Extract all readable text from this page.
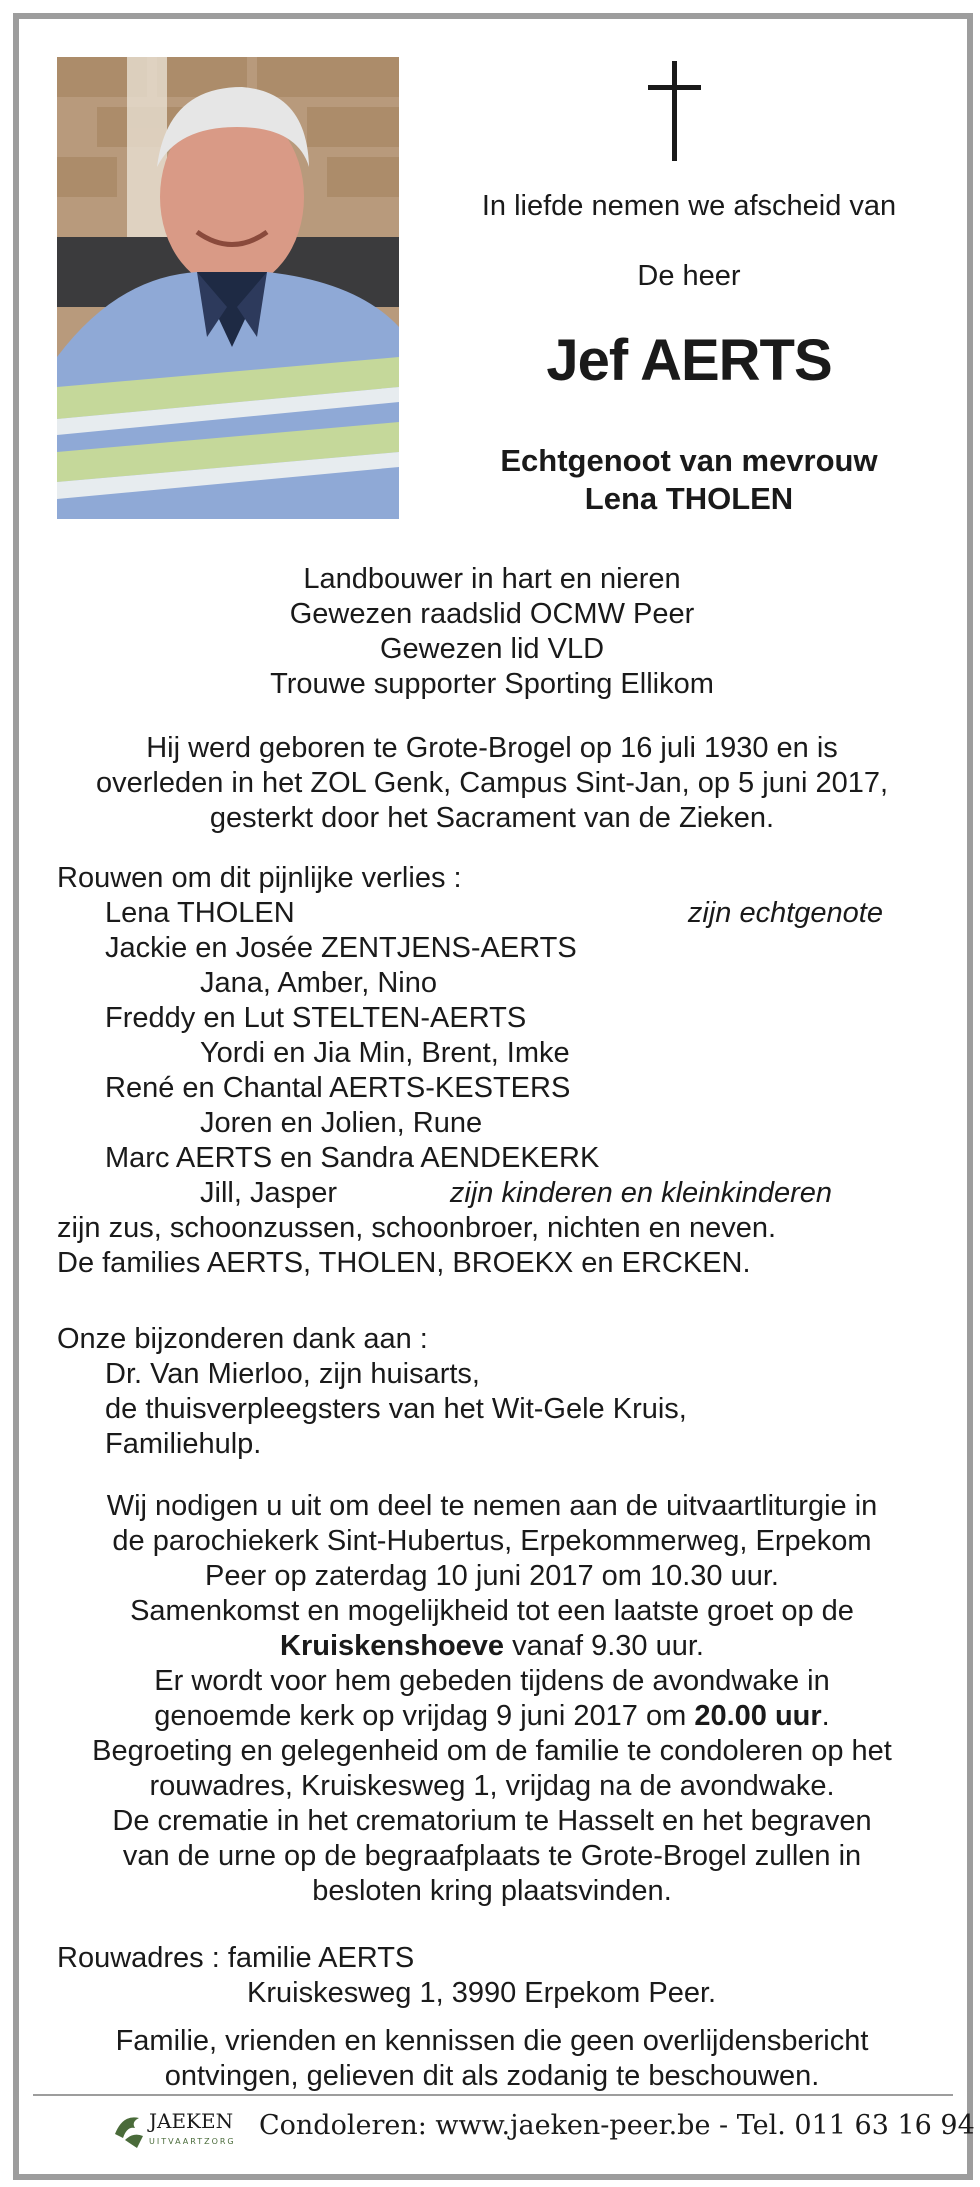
In liefde nemen we afscheid van
De heer
Jef AERTS
Echtgenoot van mevrouw
Lena THOLEN
Landbouwer in hart en nieren
Gewezen raadslid OCMW Peer
Gewezen lid VLD
Trouwe supporter Sporting Ellikom
Hij werd geboren te Grote-Brogel op 16 juli 1930 en is
overleden in het ZOL Genk, Campus Sint-Jan, op 5 juni 2017,
gesterkt door het Sacrament van de Zieken.
Rouwen om dit pijnlijke verlies :
Lena THOLEN	zijn echtgenote
Jackie en Josée ZENTJENS-AERTS
Jana, Amber, Nino
Freddy en Lut STELTEN-AERTS
Yordi en Jia Min, Brent, Imke
René en Chantal AERTS-KESTERS
Joren en Jolien, Rune
Marc AERTS en Sandra AENDEKERK
Jill, Jasper	zijn kinderen en kleinkinderen
zijn zus, schoonzussen, schoonbroer, nichten en neven.
De families AERTS, THOLEN, BROEKX en ERCKEN.
Onze bijzonderen dank aan :
Dr. Van Mierloo, zijn huisarts,
de thuisverpleegsters van het Wit-Gele Kruis,
Familiehulp.
Wij nodigen u uit om deel te nemen aan de uitvaartliturgie in
de parochiekerk Sint-Hubertus, Erpekommerweg, Erpekom
Peer op zaterdag 10 juni 2017 om 10.30 uur.
Samenkomst en mogelijkheid tot een laatste groet op de
Kruiskenshoeve vanaf 9.30 uur.
Er wordt voor hem gebeden tijdens de avondwake in
genoemde kerk op vrijdag 9 juni 2017 om 20.00 uur.
Begroeting en gelegenheid om de familie te condoleren op het
rouwadres, Kruiskesweg 1, vrijdag na de avondwake.
De crematie in het crematorium te Hasselt en het begraven
van de urne op de begraafplaats te Grote-Brogel zullen in
besloten kring plaatsvinden.
Rouwadres : familie AERTS
Kruiskesweg 1, 3990 Erpekom Peer.
Familie, vrienden en kennissen die geen overlijdensbericht
ontvingen, gelieven dit als zodanig te beschouwen.
JAEKEN
UITVAARTZORG
Condoleren: www.jaeken-peer.be - Tel. 011 63 16 94
